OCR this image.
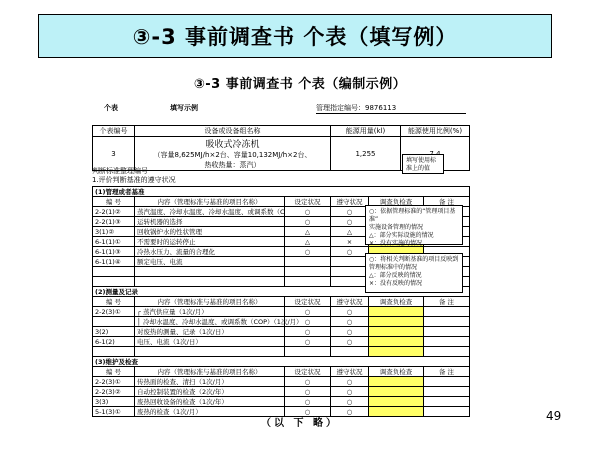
③-3 事前调查书 个表（填写例）
③-3 事前调查书 个表（编制示例）
个表	填写示例	管理指定编号：9876113
个表编号	设备或设备组名称	能源用量(kl)	能源使用比例(%)
3	吸收式冷冻机
（容量8,625MJ/h×2台、容量10,132MJ/h×2台、
热收热量：蒸汽）	1,255	
填写使用标准上的值
判断标准整理编号
1.评价判断基准的遵守状况
(1)管理或者基准					
编 号	内容（管理标准与基准的项目名称）	设定状况	遵守状况	调查负检查	备 注
2-2(1)②	蒸汽温度、冷却水温度、冷却水温度、或调系数（C	○	○		
2-2(1)③	运转机器的选择	○	○		
3(1)②	回收锅炉水的性状管理	△	△		
6-1(1)①	不需要时的运转停止	△	×		
6-1(1)③	冷热水压力、流量的合理化	○	○		
6-1(1)④	额定电压、电流				

(2)测量及记录					
编 号	内容（管理标准与基准的项目名称）	设定状况	遵守状况	调查负检查	备 注
2-2(3)①	┌ 蒸汽供应量（1次/月）	○	○		
	│ 冷却水温度、冷却水温度、或调系数（COP）（1次/月）	○	○		
3(2)	对废热的测量、记录（1次/日）	○	○		
6-1(2)	电压、电流（1次/日）	○	○		

(3)维护及检查					
编 号	内容（管理标准与基准的项目名称）	设定状况	遵守状况	调查负检查	备 注
2-2(3)①	传热面的检查、清扫（1次/月）	○	○		
2-2(3)②	自动控制装置的检查（2次/年）	○	○		
3(3)	废热回收设备的检查（1次/年）	○	○		
5-1(3)①	废热的检查（1次/月）	○	○		
○：依据管理标准的“管理项目基准”
实施设备管理的情况
△：部分实际设施的情况
×：没有实施的情况
○：将相关判断基准的项目反映到
管理标准中的情况
△：部分反映的情况
×：没有反映的情况
（以 下 略）
49
